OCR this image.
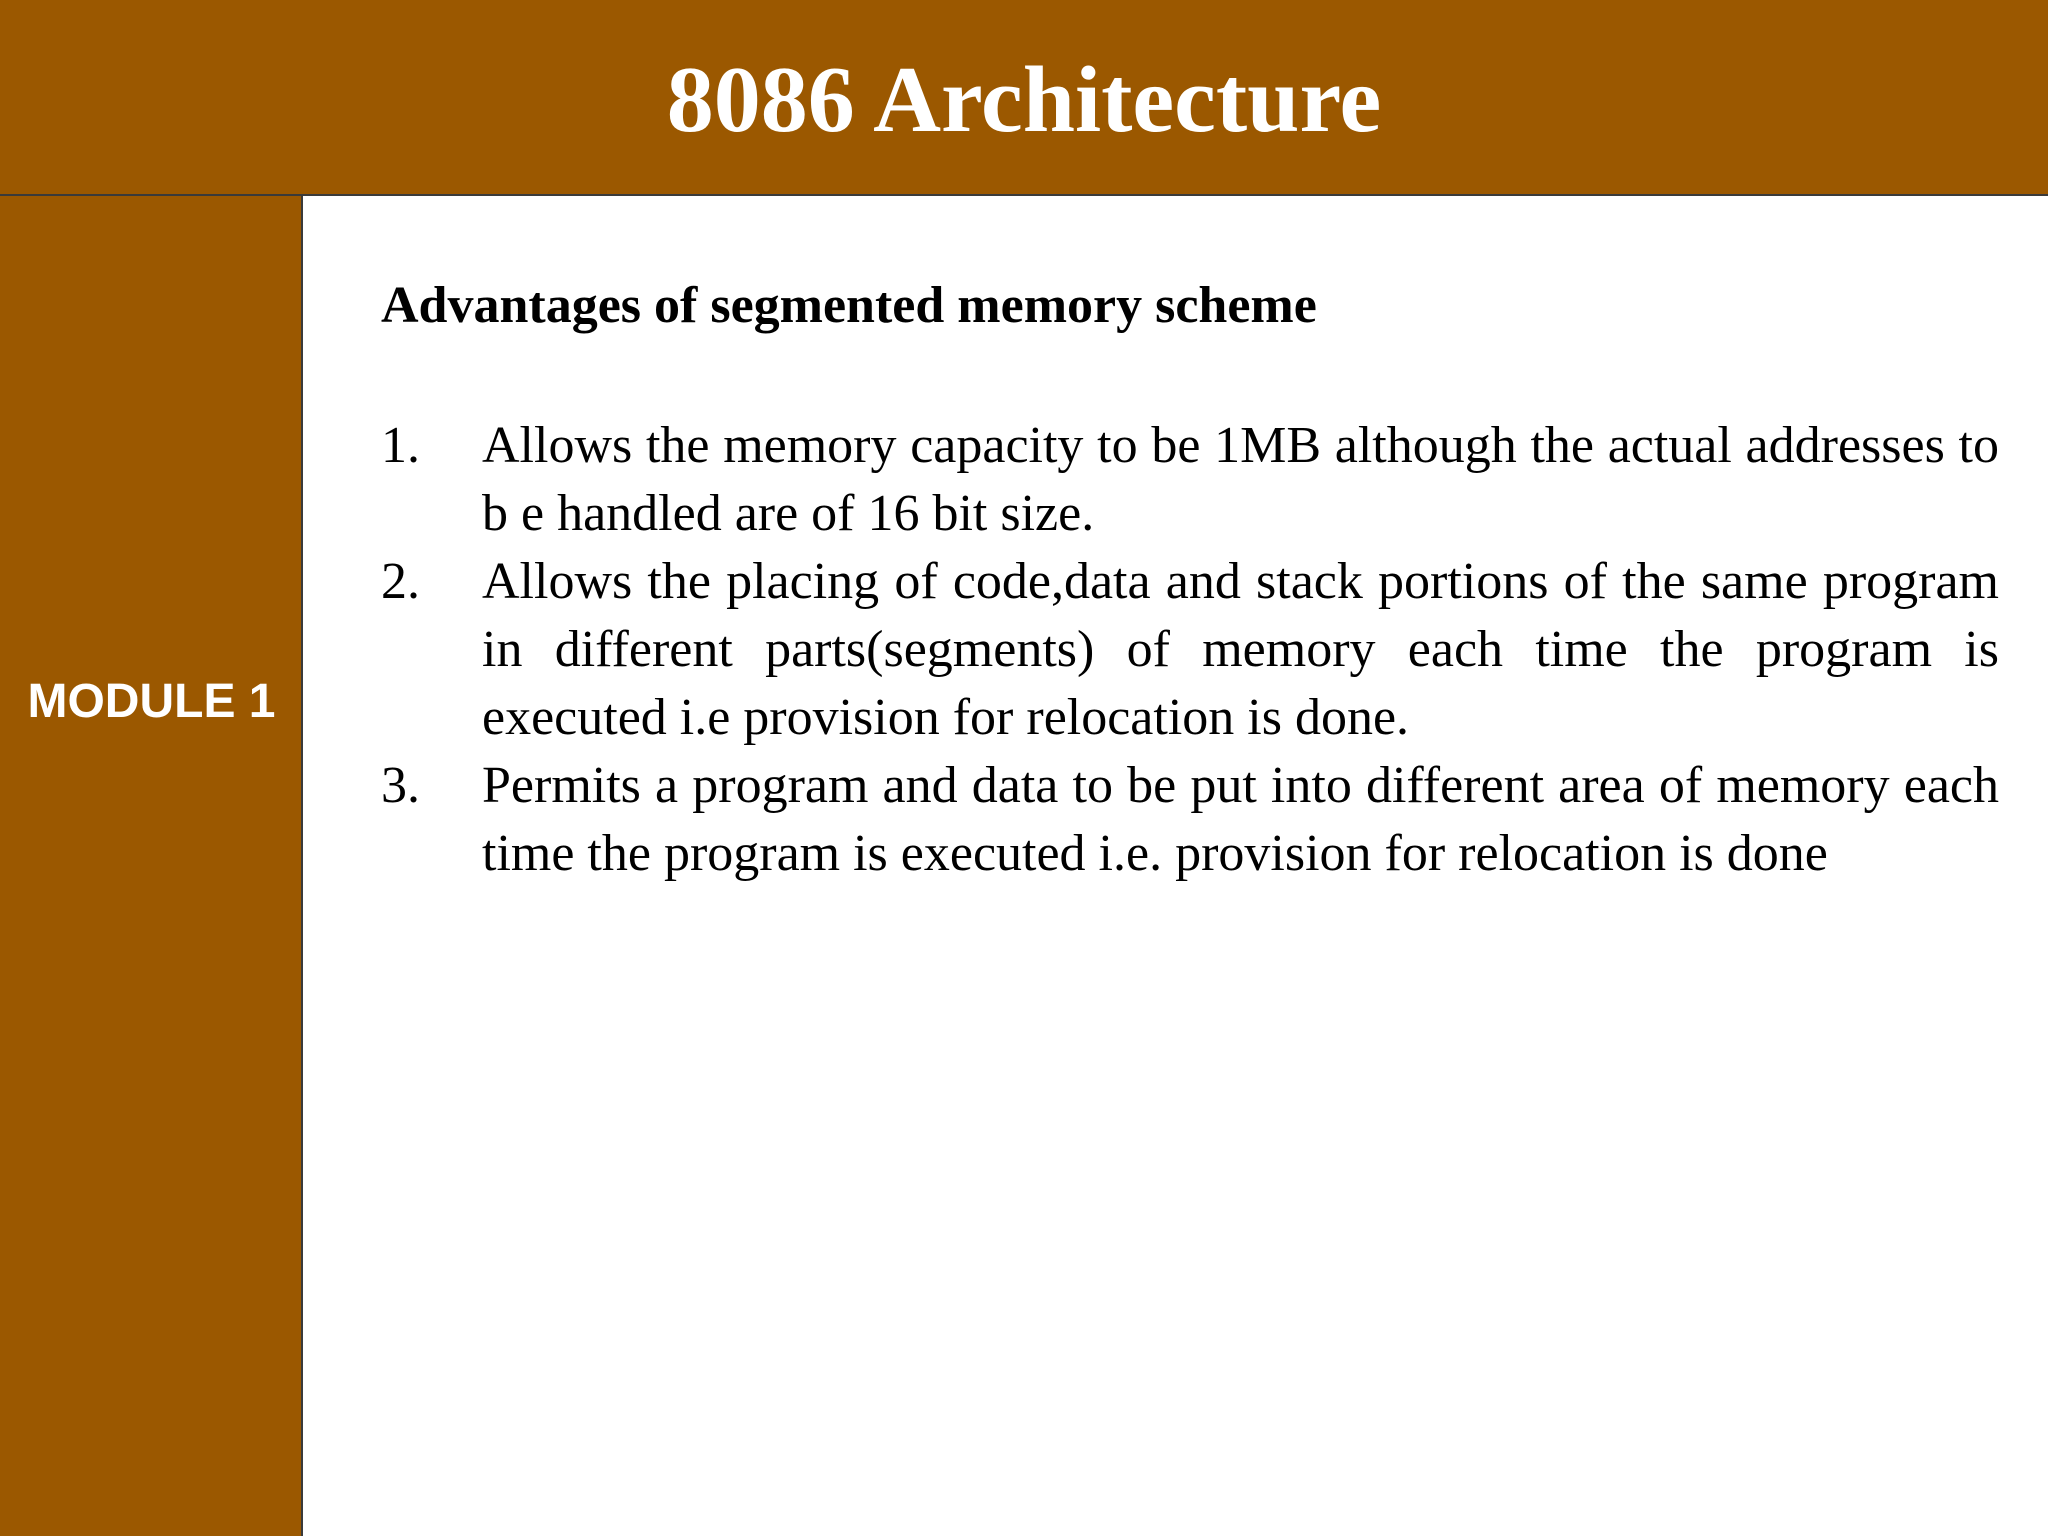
8086 Architecture
MODULE 1
Advantages of segmented memory scheme
1. Allows the memory capacity to be 1MB although the actual addresses to b e handled are of 16 bit size.
2. Allows the placing of code,data and stack portions of the same program in different parts(segments) of memory each time the program is executed i.e provision for relocation is done.
3. Permits a program and data to be put into different area of memory each time the program is executed i.e. provision for relocation is done
